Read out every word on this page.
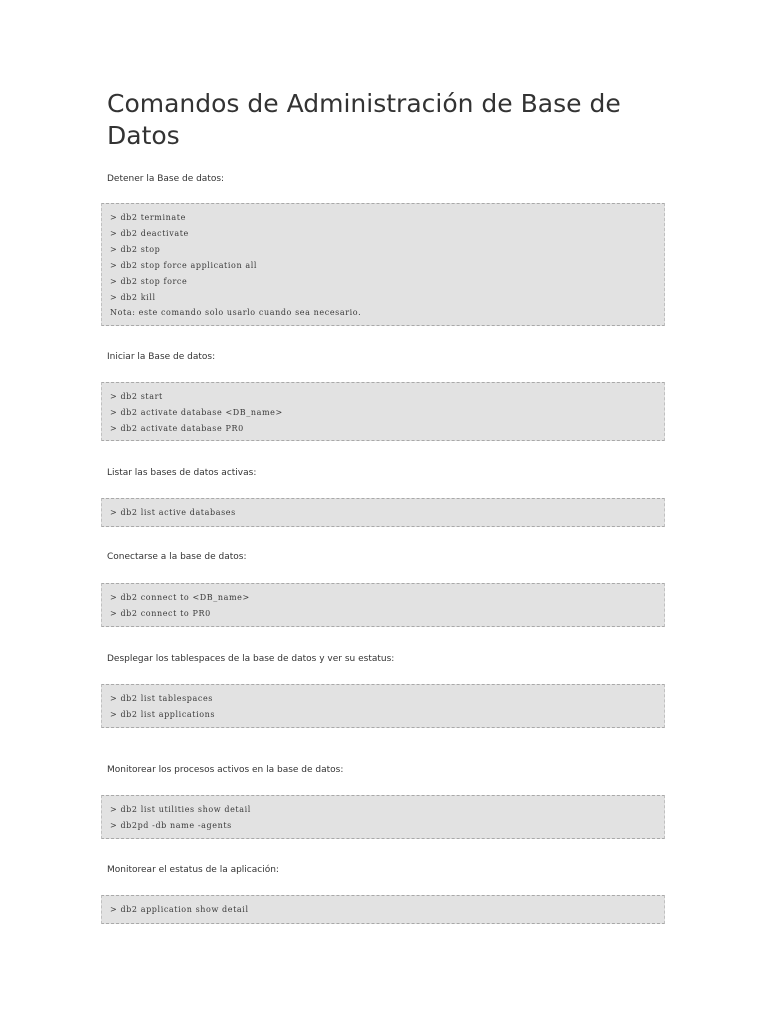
Comandos de Administración de Base de Datos

Detener la Base de datos:

> db2 terminate
> db2 deactivate
> db2 stop
> db2 stop force application all
> db2 stop force
> db2 kill
Nota: este comando solo usarlo cuando sea necesario.

Iniciar la Base de datos:

> db2 start
> db2 activate database <DB_name>
> db2 activate database PR0

Listar las bases de datos activas:

> db2 list active databases

Conectarse a la base de datos:

> db2 connect to <DB_name>
> db2 connect to PR0

Desplegar los tablespaces de la base de datos y ver su estatus:

> db2 list tablespaces
> db2 list applications

Monitorear los procesos activos en la base de datos:

> db2 list utilities show detail
> db2pd -db name -agents

Monitorear el estatus de la aplicación:

> db2 application show detail
